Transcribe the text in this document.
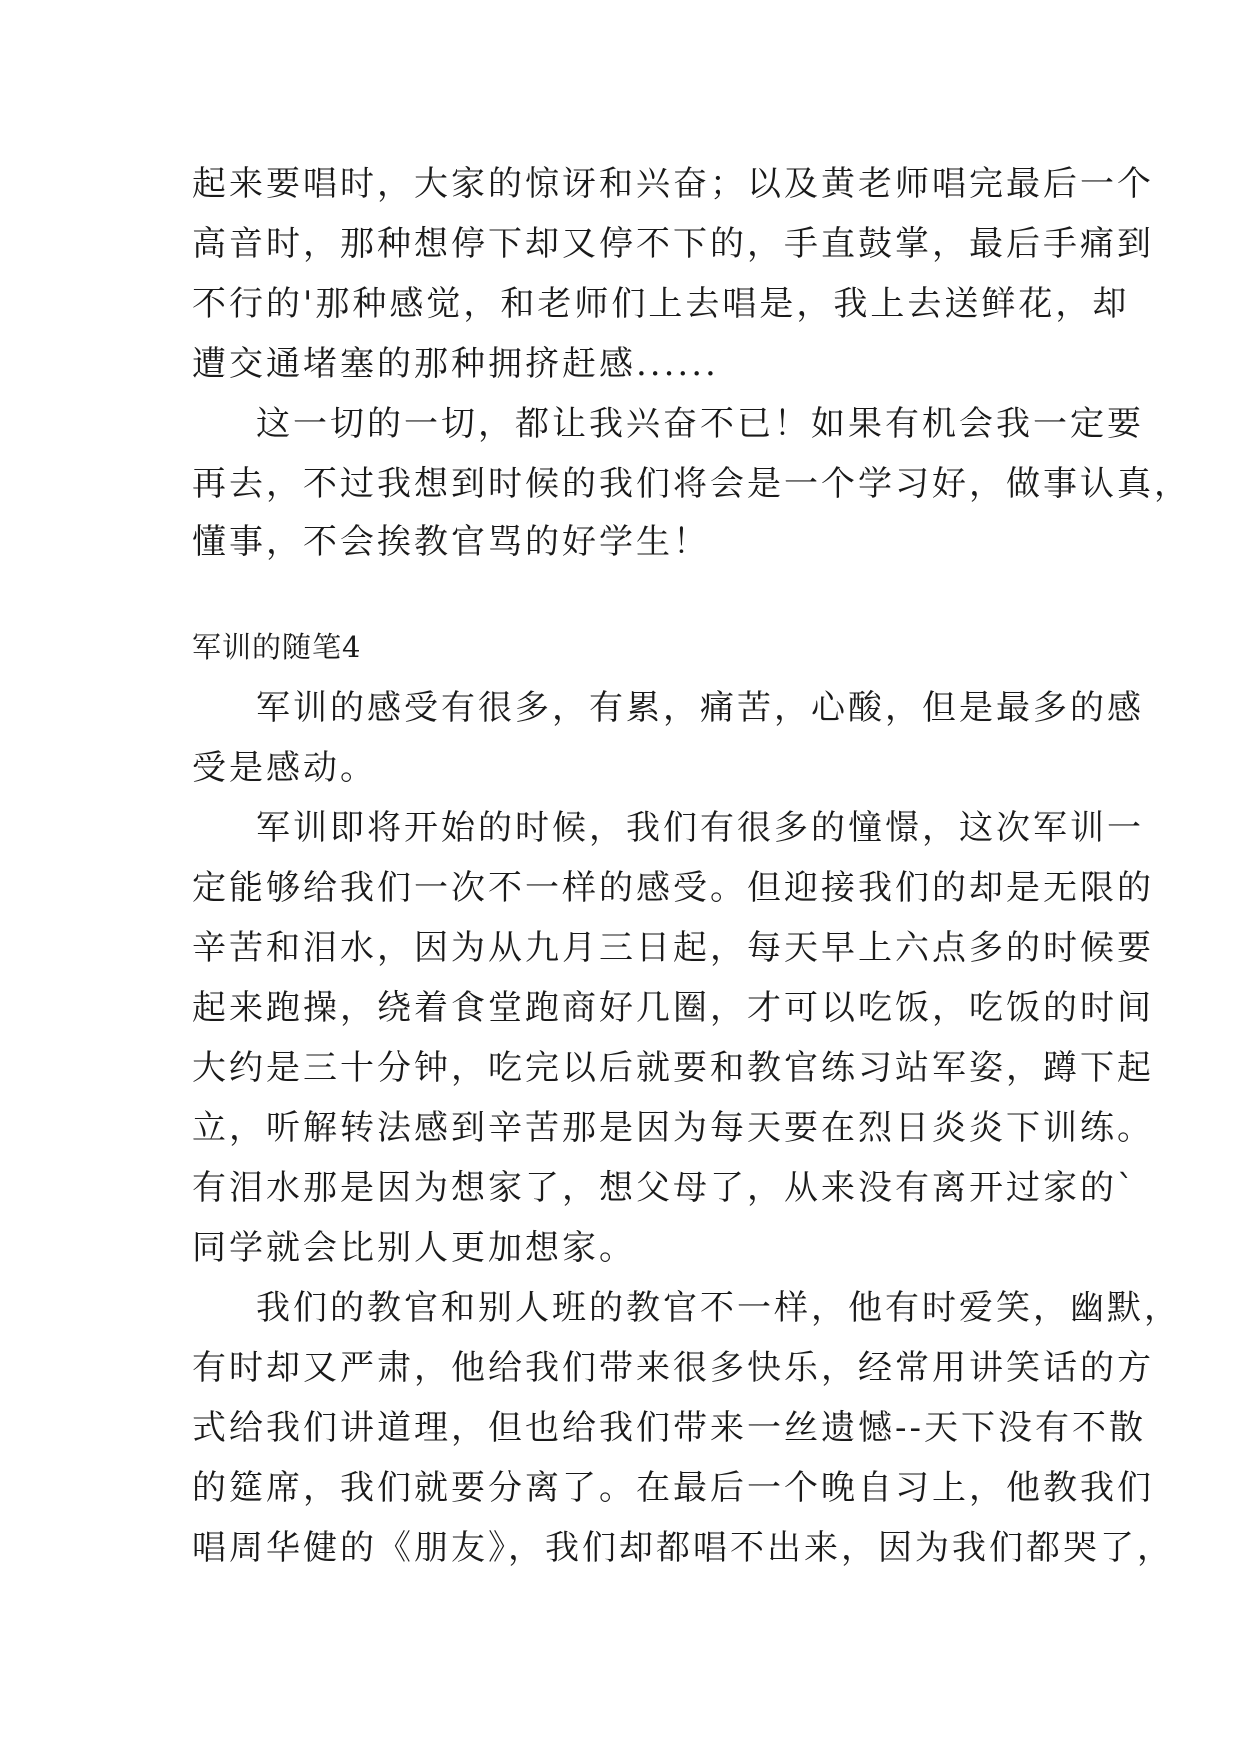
起来要唱时，大家的惊讶和兴奋；以及黄老师唱完最后一个
高音时，那种想停下却又停不下的，手直鼓掌，最后手痛到
不行的'那种感觉，和老师们上去唱是，我上去送鲜花，却
遭交通堵塞的那种拥挤赶感......
这一切的一切，都让我兴奋不已！如果有机会我一定要
再去，不过我想到时候的我们将会是一个学习好，做事认真，
懂事，不会挨教官骂的好学生！
军训的随笔4
军训的感受有很多，有累，痛苦，心酸，但是最多的感
受是感动。
军训即将开始的时候，我们有很多的憧憬，这次军训一
定能够给我们一次不一样的感受。但迎接我们的却是无限的
辛苦和泪水，因为从九月三日起，每天早上六点多的时候要
起来跑操，绕着食堂跑商好几圈，才可以吃饭，吃饭的时间
大约是三十分钟，吃完以后就要和教官练习站军姿，蹲下起
立，听解转法感到辛苦那是因为每天要在烈日炎炎下训练。
有泪水那是因为想家了，想父母了，从来没有离开过家的`
同学就会比别人更加想家。
我们的教官和别人班的教官不一样，他有时爱笑，幽默，
有时却又严肃，他给我们带来很多快乐，经常用讲笑话的方
式给我们讲道理，但也给我们带来一丝遗憾--天下没有不散
的筵席，我们就要分离了。在最后一个晚自习上，他教我们
唱周华健的《朋友》，我们却都唱不出来，因为我们都哭了，
